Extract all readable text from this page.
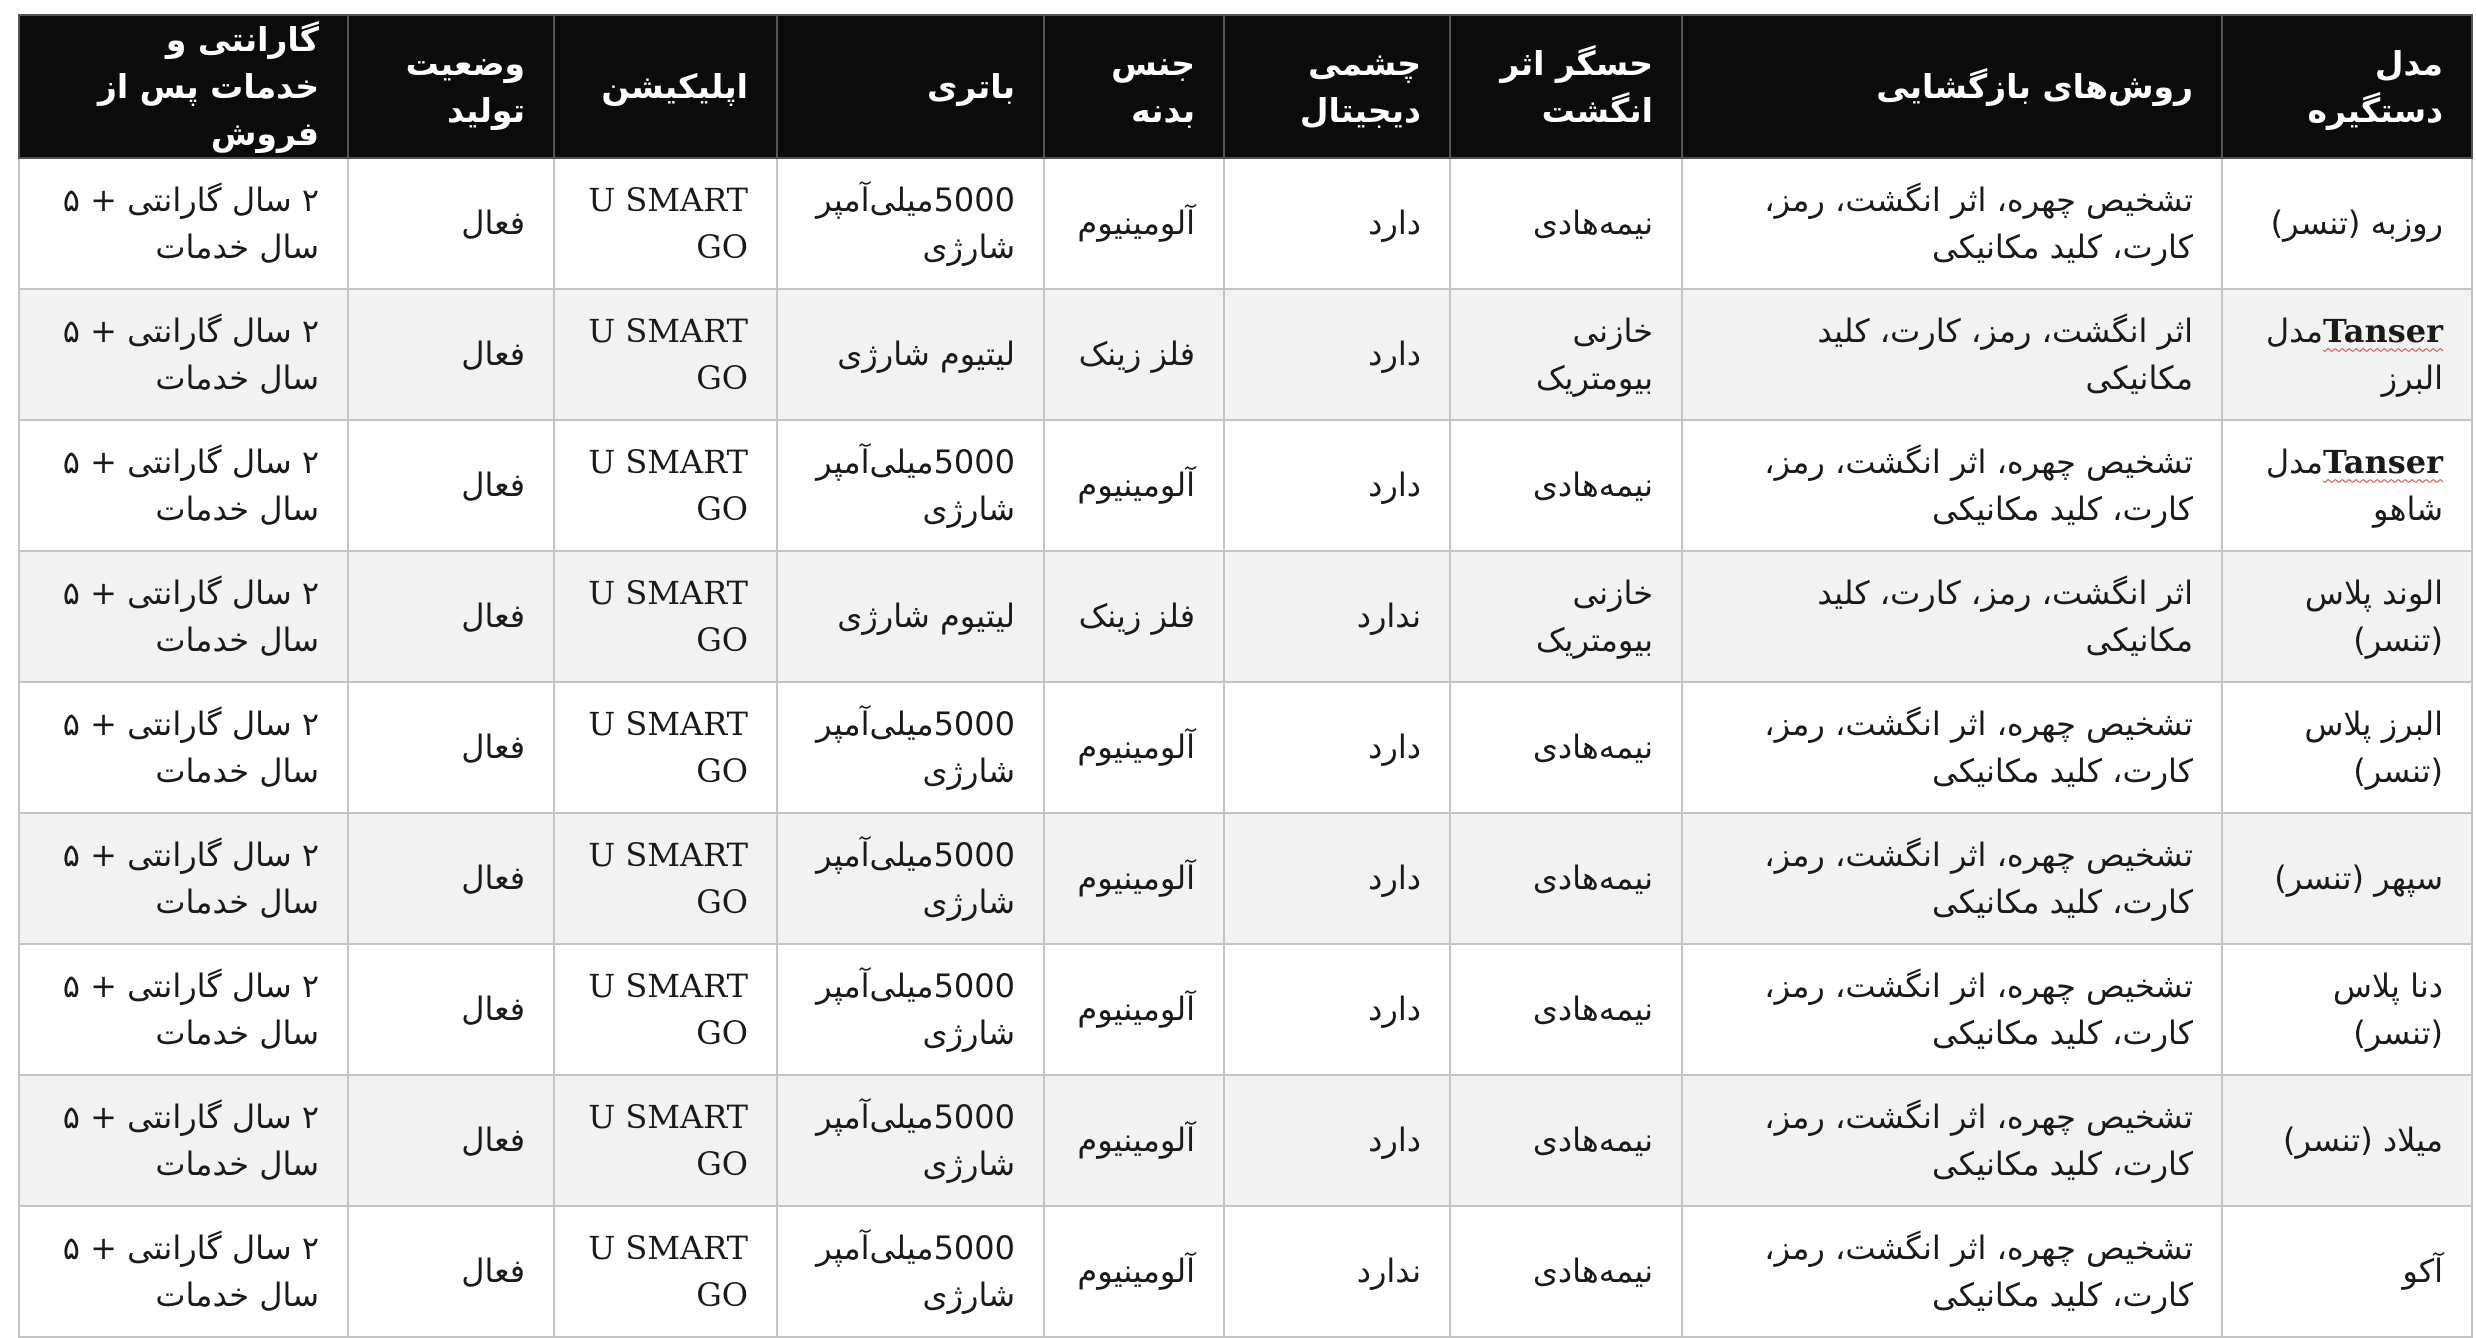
مدل دستگیره	روش‌های بازگشایی	حسگر اثر انگشت	چشمی دیجیتال	جنس بدنه	باتری	اپلیکیشن	وضعیت تولید	گارانتی و خدمات پس از فروش
روزبه (تنسر)	تشخیص چهره، اثر انگشت، رمز، کارت، کلید مکانیکی	نیمه‌هادی	دارد	آلومینیوم	5000میلی‌آمپر شارژی	U SMART GO	فعال	۲ سال گارانتی + ۵ سال خدمات
Tanserمدل البرز	اثر انگشت، رمز، کارت، کلید مکانیکی	خازنی بیومتریک	دارد	فلز زینک	لیتیوم شارژی	U SMART GO	فعال	۲ سال گارانتی + ۵ سال خدمات
Tanserمدل شاهو	تشخیص چهره، اثر انگشت، رمز، کارت، کلید مکانیکی	نیمه‌هادی	دارد	آلومینیوم	5000میلی‌آمپر شارژی	U SMART GO	فعال	۲ سال گارانتی + ۵ سال خدمات
الوند پلاس (تنسر)	اثر انگشت، رمز، کارت، کلید مکانیکی	خازنی بیومتریک	ندارد	فلز زینک	لیتیوم شارژی	U SMART GO	فعال	۲ سال گارانتی + ۵ سال خدمات
البرز پلاس (تنسر)	تشخیص چهره، اثر انگشت، رمز، کارت، کلید مکانیکی	نیمه‌هادی	دارد	آلومینیوم	5000میلی‌آمپر شارژی	U SMART GO	فعال	۲ سال گارانتی + ۵ سال خدمات
سپهر (تنسر)	تشخیص چهره، اثر انگشت، رمز، کارت، کلید مکانیکی	نیمه‌هادی	دارد	آلومینیوم	5000میلی‌آمپر شارژی	U SMART GO	فعال	۲ سال گارانتی + ۵ سال خدمات
دنا پلاس (تنسر)	تشخیص چهره، اثر انگشت، رمز، کارت، کلید مکانیکی	نیمه‌هادی	دارد	آلومینیوم	5000میلی‌آمپر شارژی	U SMART GO	فعال	۲ سال گارانتی + ۵ سال خدمات
میلاد (تنسر)	تشخیص چهره، اثر انگشت، رمز، کارت، کلید مکانیکی	نیمه‌هادی	دارد	آلومینیوم	5000میلی‌آمپر شارژی	U SMART GO	فعال	۲ سال گارانتی + ۵ سال خدمات
آکو	تشخیص چهره، اثر انگشت، رمز، کارت، کلید مکانیکی	نیمه‌هادی	ندارد	آلومینیوم	5000میلی‌آمپر شارژی	U SMART GO	فعال	۲ سال گارانتی + ۵ سال خدمات
